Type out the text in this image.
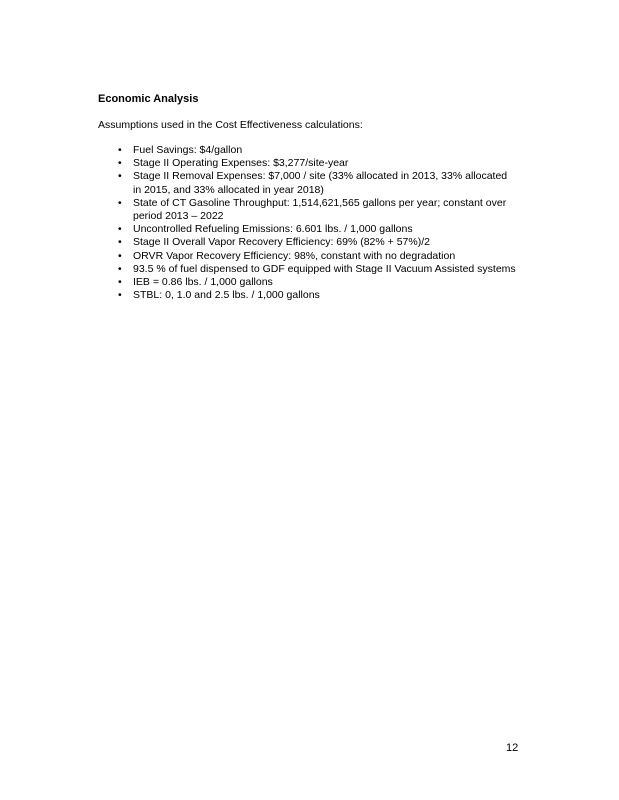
Economic Analysis
Assumptions used in the Cost Effectiveness calculations:
• Fuel Savings: $4/gallon
• Stage II Operating Expenses: $3,277/site-year
• Stage II Removal Expenses: $7,000 / site (33% allocated in 2013, 33% allocated in 2015, and 33% allocated in year 2018)
• State of CT Gasoline Throughput: 1,514,621,565 gallons per year; constant over period 2013 – 2022
• Uncontrolled Refueling Emissions: 6.601 lbs. / 1,000 gallons
• Stage II Overall Vapor Recovery Efficiency: 69% (82% + 57%)/2
• ORVR Vapor Recovery Efficiency: 98%, constant with no degradation
• 93.5 % of fuel dispensed to GDF equipped with Stage II Vacuum Assisted systems
• IEB = 0.86 lbs. / 1,000 gallons
• STBL: 0, 1.0 and 2.5 lbs. / 1,000 gallons
12
